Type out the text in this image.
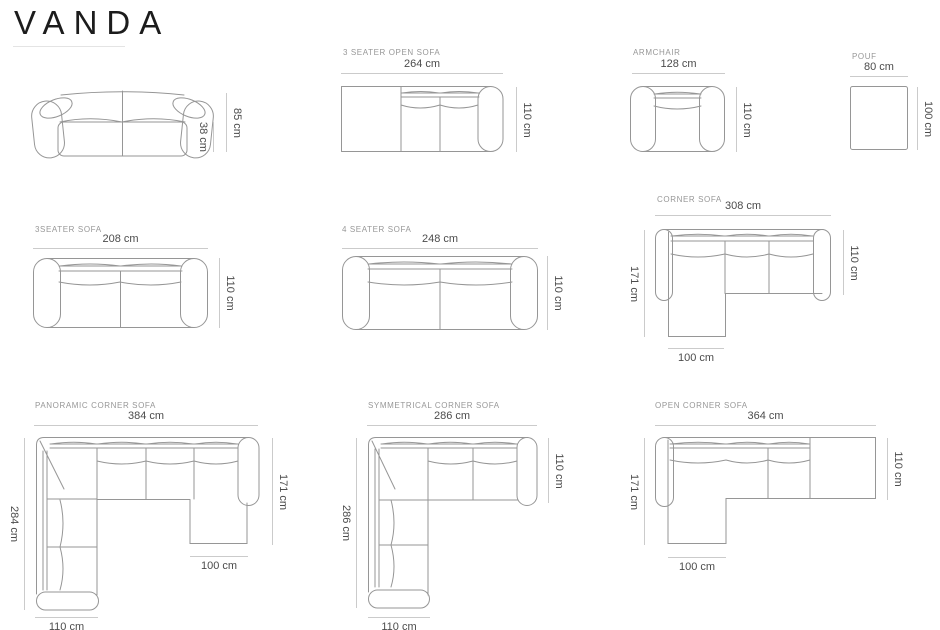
VANDA
85 cm
38 cm
3 SEATER OPEN SOFA
264 cm
110 cm
ARMCHAIR
128 cm
110 cm
POUF
80 cm
100 cm
3SEATER SOFA
208 cm
110 cm
4 SEATER SOFA
248 cm
110 cm
CORNER SOFA
308 cm
171 cm
110 cm
100 cm
PANORAMIC CORNER SOFA
384 cm
284 cm
171 cm
100 cm
110 cm
SYMMETRICAL CORNER SOFA
286 cm
286 cm
110 cm
110 cm
OPEN CORNER SOFA
364 cm
171 cm
110 cm
100 cm
